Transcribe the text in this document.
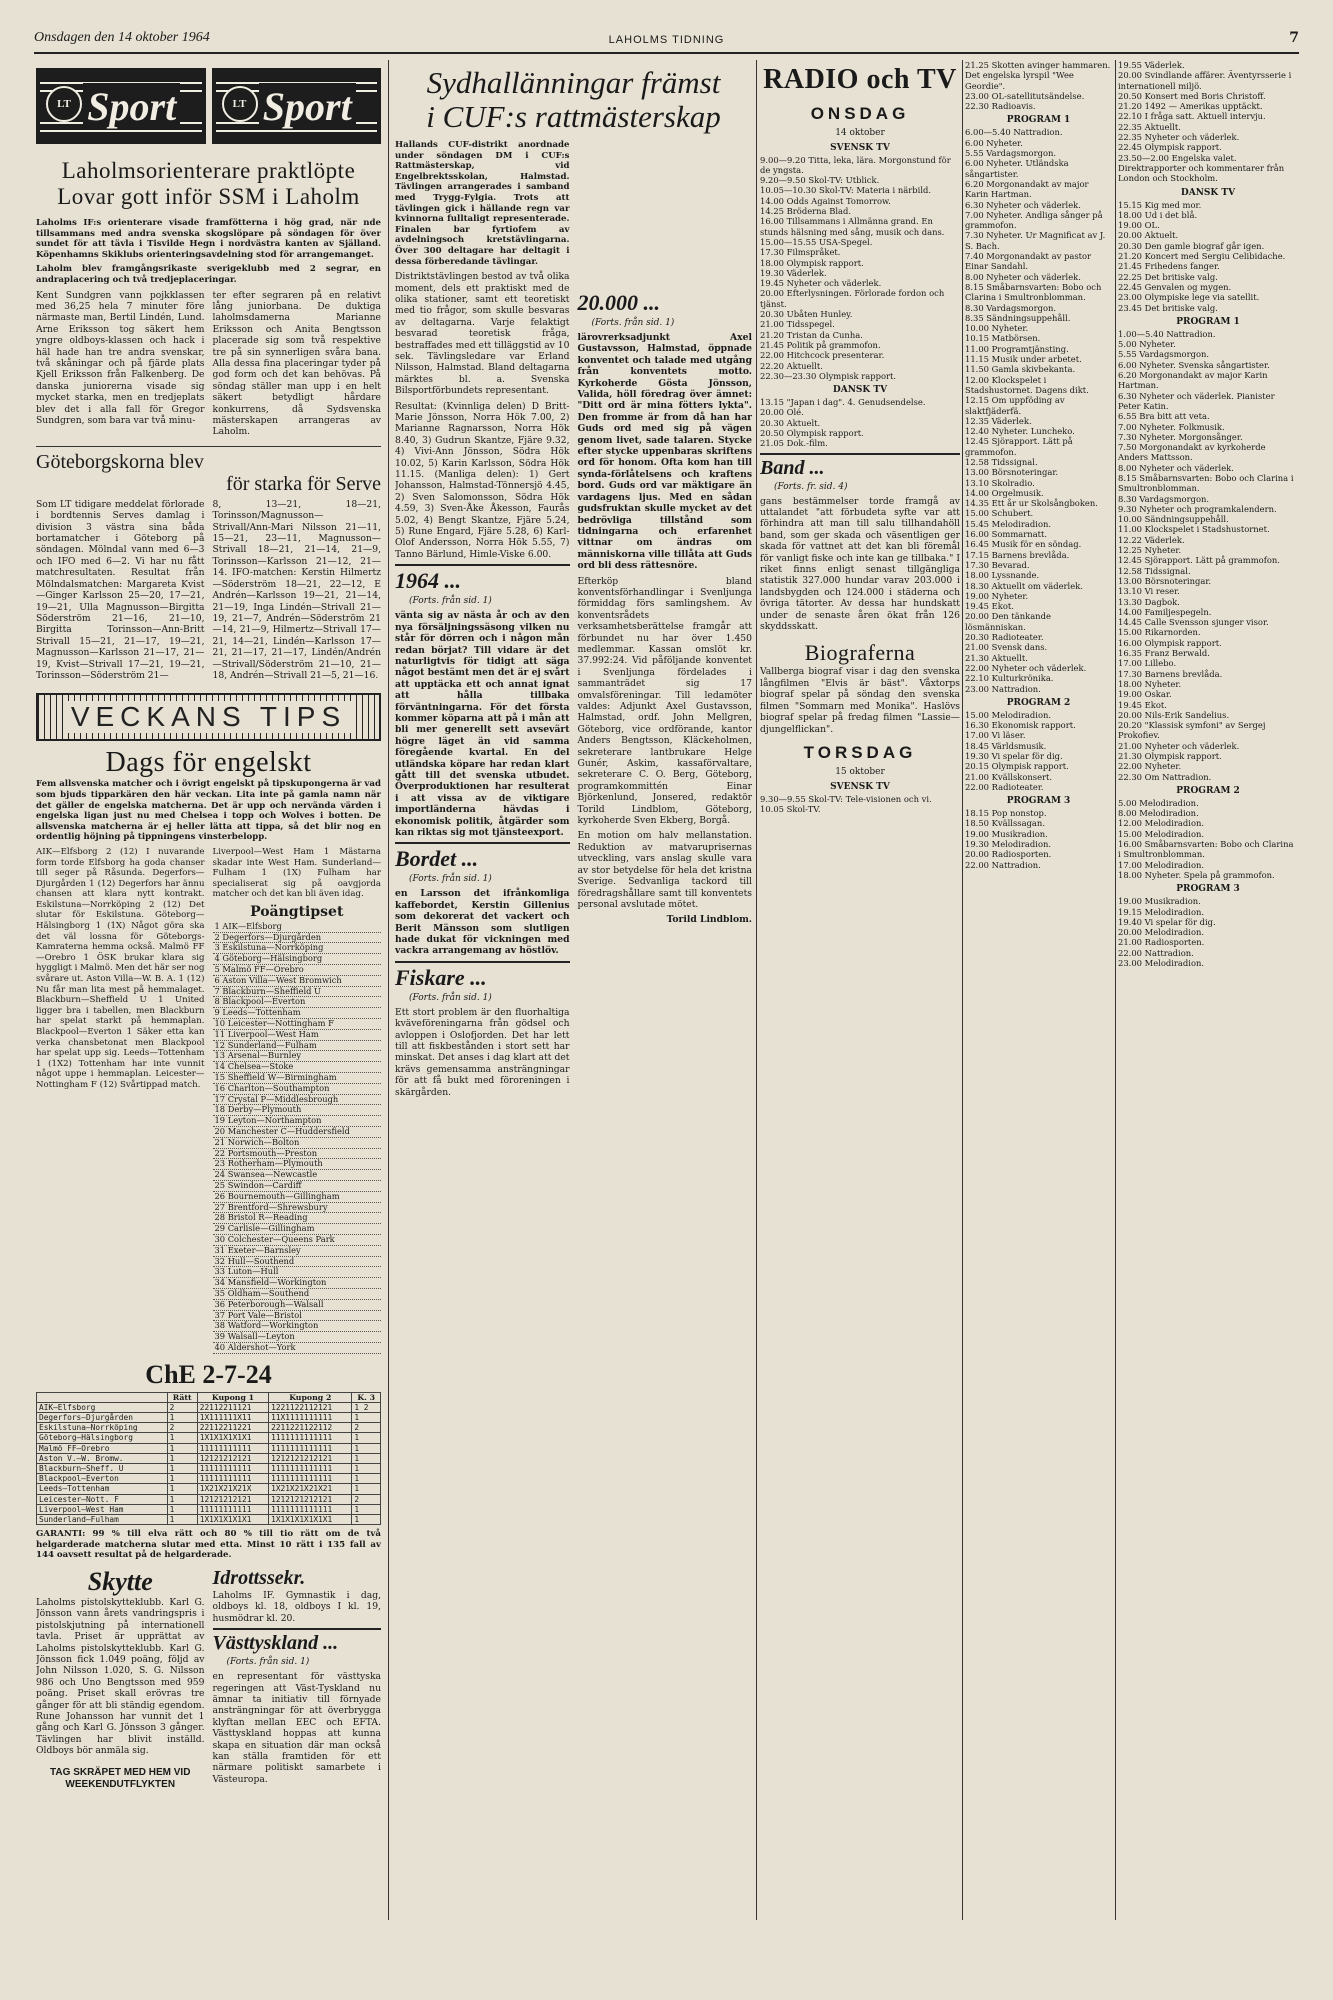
Onsdagen den 14 oktober 1964	LAHOLMS TIDNING	7
LT Sport	LT Sport
Laholmsorienterare praktlöpte
Lovar gott inför SSM i Laholm

Laholms IF:s orienterare visade framfötterna i hög grad, när nde tillsammans med andra svenska skogslöpare på söndagen för över sundet för att tävla i Tisvilde Hegn i nordvästra kanten av Själland. Köpenhamns Skiklubs orienteringsavdelning stod för arrangemanget.

Laholm blev framgångsrikaste sverigeklubb med 2 segrar, en andraplacering och två tredjeplaceringar.

Kent Sundgren vann pojkklassen med 36,25 hela 7 minuter före närmaste man, Bertil Lindén, Lund. Arne Eriksson tog säkert hem yngre oldboys-klassen och hack i häl hade han tre andra svenskar, två skåningar och på fjärde plats Kjell Eriksson från Falkenberg. De danska juniorerna visade sig mycket starka, men en tredjeplats blev det i alla fall för Gregor Sundgren, som bara var två minu-

ter efter segraren på en relativt lång juniorbana. De duktiga laholmsdamerna Marianne Eriksson och Anita Bengtsson placerade sig som två respektive tre på sin synnerligen svåra bana. Alla dessa fina placeringar tyder på god form och det kan behövas. På söndag ställer man upp i en helt säkert betydligt hårdare konkurrens, då Sydsvenska mästerskapen arrangeras av Laholm.

Göteborgskorna blev
för starka för Serve

Som LT tidigare meddelat förlorade i bordtennis Serves damlag i division 3 västra sina båda bortamatcher i Göteborg på söndagen. Mölndal vann med 6—3 och IFO med 6—2. Vi har nu fått matchresultaten. Resultat från Mölndalsmatchen: Margareta Kvist—Ginger Karlsson 25—20, 17—21, 19—21, Ulla Magnusson—Birgitta Söderström 21—16, 21—10, Birgitta Torinsson—Ann-Britt Strivall 15—21, 21—17, 19—21, Magnusson—Karlsson 21—17, 21—19, Kvist—Strivall 17—21, 19—21, Torinsson—Söderström 21—

8, 13—21, 18—21, Torinsson/Magnusson—Strivall/Ann-Mari Nilsson 21—11, 15—21, 23—11, Magnusson—Strivall 18—21, 21—14, 21—9, Torinsson—Karlsson 21—12, 21—14. IFO-matchen: Kerstin Hilmertz—Söderström 18—21, 22—12, E Andrén—Karlsson 19—21, 21—14, 21—19, Inga Lindén—Strivall 21—19, 21—7, Andrén—Söderström 21—14, 21—9, Hilmertz—Strivall 17—21, 14—21, Lindén—Karlsson 17—21, 21—17, 21—17, Lindén/Andrén—Strivall/Söderström 21—10, 21—18, Andrén—Strivall 21—5, 21—16.

VECKANS TIPS
Dags för engelskt

Fem allsvenska matcher och i övrigt engelskt på tipskupongerna är vad som bjuds tipparkären den här veckan. Lita inte på gamla namn när det gäller de engelska matcherna. Det är upp och nervända värden i engelska ligan just nu med Chelsea i topp och Wolves i botten. De allsvenska matcherna är ej heller lätta att tippa, så det blir nog en ordentlig höjning på tippningens vinsterbelopp.

AIK—Elfsborg 2 (12) I nuvarande form torde Elfsborg ha goda chanser till seger på Råsunda. Degerfors—Djurgården 1 (12) Degerfors har ännu chansen att klara nytt kontrakt. Eskilstuna—Norrköping 2 (12) Det slutar för Eskilstuna. Göteborg—Hälsingborg 1 (1X) Något göra ska det väl lossna för Göteborgs-Kamraterna hemma också. Malmö FF—Orebro 1 ÖSK brukar klara sig hyggligt i Malmö. Men det här ser nog svårare ut. Aston Villa—W. B. A. 1 (12) Nu får man lita mest på hemmalaget. Blackburn—Sheffield U 1 United ligger bra i tabellen, men Blackburn har spelat starkt på hemmaplan. Blackpool—Everton 1 Säker etta kan verka chansbetonat men Blackpool har spelat upp sig. Leeds—Tottenham 1 (1X2) Tottenham har inte vunnit något uppe i hemmaplan. Leicester—Nottingham F (12) Svårtippad match.

Liverpool—West Ham 1 Mästarna skadar inte West Ham. Sunderland—Fulham 1 (1X) Fulham har specialiserat sig på oavgjorda matcher och det kan bli även idag.

Poängtipset
1 AIK—Elfsborg
2 Degerfors—Djurgården
3 Eskilstuna—Norrköping
4 Göteborg—Hälsingborg
5 Malmö FF—Orebro
6 Aston Villa—West Bromwich
7 Blackburn—Sheffield U
8 Blackpool—Everton
9 Leeds—Tottenham
10 Leicester—Nottingham F
11 Liverpool—West Ham
12 Sunderland—Fulham
13 Arsenal—Burnley
14 Chelsea—Stoke
15 Sheffield W—Birmingham
16 Charlton—Southampton
17 Crystal P—Middlesbrough
18 Derby—Plymouth
19 Leyton—Northampton
20 Manchester C—Huddersfield
21 Norwich—Bolton
22 Portsmouth—Preston
23 Rotherham—Plymouth
24 Swansea—Newcastle
25 Swindon—Cardiff
26 Bournemouth—Gillingham
27 Brentford—Shrewsbury
28 Bristol R—Reading
29 Carlisle—Gillingham
30 Colchester—Queens Park
31 Exeter—Barnsley
32 Hull—Southend
33 Luton—Hull
34 Mansfield—Workington
35 Oldham—Southend
36 Peterborough—Walsall
37 Port Vale—Bristol
38 Watford—Workington
39 Walsall—Leyton
40 Aldershot—York
ChE 2-7-24
	Rätt	Kupong 1	Kupong 2	K. 3
AIK—Elfsborg	2	22112211121	1221122112121	1 2
Degerfors—Djurgården	1	1X111111X11	11X1111111111	1
Eskilstuna—Norrköping	2	22112211221	2211221122112	2
Göteborg—Hälsingborg	1	1X1X1X1X1X1	1111111111111	1
Malmö FF—Orebro	1	11111111111	1111111111111	1
Aston V.—W. Bromw.	1	12121212121	1212121212121	1
Blackburn—Sheff. U	1	11111111111	1111111111111	1
Blackpool—Everton	1	11111111111	1111111111111	1
Leeds—Tottenham	1	1X21X21X21X	1X21X21X21X21	1
Leicester—Nott. F	1	12121212121	1212121212121	2
Liverpool—West Ham	1	11111111111	1111111111111	1
Sunderland—Fulham	1	1X1X1X1X1X1	1X1X1X1X1X1X1	1

GARANTI: 99 % till elva rätt och 80 % till tio rätt om de två helgarderade matcherna slutar med etta. Minst 10 rätt i 135 fall av 144 oavsett resultat på de helgarderade.

Skytte

Laholms pistolskytteklubb. Karl G. Jönsson vann årets vandringspris i pistolskjutning på internationell tavla. Priset är upprättat av Laholms pistolskytteklubb. Karl G. Jönsson fick 1.049 poäng, följd av John Nilsson 1.020, S. G. Nilsson 986 och Uno Bengtsson med 959 poäng. Priset skall erövras tre gånger för att bli ständig egendom. Rune Johansson har vunnit det 1 gång och Karl G. Jönsson 3 gånger. Tävlingen har blivit inställd. Oldboys bör anmäla sig.

TAG SKRÄPET MED HEM VID WEEKENDUTFLYKTEN
Idrottssekr.

Laholms IF. Gymnastik i dag, oldboys kl. 18, oldboys I kl. 19, husmödrar kl. 20.

Västtyskland ...
(Forts. från sid. 1)

en representant för västtyska regeringen att Väst-Tyskland nu ämnar ta initiativ till förnyade ansträngningar för att överbrygga klyftan mellan EEC och EFTA. Västtyskland hoppas att kunna skapa en situation där man också kan ställa framtiden för ett närmare politiskt samarbete i Västeuropa.

Sydhallänningar främst
i CUF:s rattmästerskap

Hallands CUF-distrikt anordnade under söndagen DM i CUF:s Rattmästerskap, vid Engelbrektsskolan, Halmstad. Tävlingen arrangerades i samband med Trygg-Fylgia. Trots att tävlingen gick i hällande regn var kvinnorna fulltaligt representerade. Finalen bar fyrtiofem av avdelningsoch kretstävlingarna. Över 300 deltagare har deltagit i dessa förberedande tävlingar.

Distriktstävlingen bestod av två olika moment, dels ett praktiskt med de olika stationer, samt ett teoretiskt med tio frågor, som skulle besvaras av deltagarna. Varje felaktigt besvarad teoretisk fråga, bestraffades med ett tilläggstid av 10 sek. Tävlingsledare var Erland Nilsson, Halmstad. Bland deltagarna märktes bl. a. Svenska Bilsportförbundets representant.

Resultat: (Kvinnliga delen) D Britt-Marie Jönsson, Norra Hök 7.00, 2) Marianne Ragnarsson, Norra Hök 8.40, 3) Gudrun Skantze, Fjäre 9.32, 4) Vivi-Ann Jönsson, Södra Hök 10.02, 5) Karin Karlsson, Södra Hök 11.15. (Manliga delen): 1) Gert Johansson, Halmstad-Tönnersjö 4.45, 2) Sven Salomonsson, Södra Hök 4.59, 3) Sven-Åke Åkesson, Faurås 5.02, 4) Bengt Skantze, Fjäre 5.24, 5) Rune Engard, Fjäre 5.28, 6) Karl-Olof Andersson, Norra Hök 5.55, 7) Tanno Bärlund, Himle-Viske 6.00.

1964 ...
(Forts. från sid. 1)

vänta sig av nästa år och av den nya försäljningssäsong vilken nu står för dörren och i någon mån redan börjat? Till vidare är det naturligtvis för tidigt att säga något bestämt men det är ej svårt att upptäcka ett och annat ignat att hålla tillbaka förväntningarna. För det första kommer köparna att på i mån att bli mer generellt sett avsevärt högre läget än vid samma föregående kvartal. En del utländska köpare har redan klart gått till det svenska utbudet. Överproduktionen har resulterat i att vissa av de viktigare importländerna hävdas i ekonomisk politik, åtgärder som kan riktas sig mot tjänsteexport.

Bordet ...
(Forts. från sid. 1)

en Larsson det ifrånkomliga kaffebordet, Kerstin Gillenius som dekorerat det vackert och Berit Mänsson som slutligen hade dukat för vickningen med vackra arrangemang av höstlöv.

Fiskare ...
(Forts. från sid. 1)

Ett stort problem är den fluorhaltiga kväveföreningarna från gödsel och avloppen i Oslofjorden. Det har lett till att fiskbestånden i stort sett har minskat. Det anses i dag klart att det krävs gemensamma ansträngningar för att få bukt med föroreningen i skärgården.

20.000 ...
(Forts. från sid. 1)

lärovrerksadjunkt Axel Gustavsson, Halmstad, öppnade konventet och talade med utgång från konventets motto. Kyrkoherde Gösta Jönsson, Valida, höll föredrag över ämnet: "Ditt ord är mina fötters lykta". Den fromme är from då han har Guds ord med sig på vägen genom livet, sade talaren. Stycke efter stycke uppenbaras skriftens ord för honom. Ofta kom han till synda-förlåtelsens och kraftens bord. Guds ord var mäktigare än vardagens ljus. Med en sådan gudsfruktan skulle mycket av det bedrövliga tillstånd som tidningarna och erfarenhet vittnar om ändras om människorna ville tillåta att Guds ord bli dess rättesnöre.

Efterköp bland konventsförhandlingar i Svenljunga förmiddag förs samlingshem. Av konventsrådets verksamhetsberättelse framgår att förbundet nu har över 1.450 medlemmar. Kassan omslöt kr. 37.992:24. Vid påföljande konventet i Svenljunga fördelades i sammanträdet sig 17 omvalsföreningar. Till ledamöter valdes: Adjunkt Axel Gustavsson, Halmstad, ordf. John Mellgren, Göteborg, vice ordförande, kantor Anders Bengtsson, Kläckeholmen, sekreterare lantbrukare Helge Gunér, Askim, kassaförvaltare, sekreterare C. O. Berg, Göteborg, programkommittén Einar Björkenlund, Jonsered, redaktör Torild Lindblom, Göteborg, kyrkoherde Sven Ekberg, Borgå.

En motion om halv mellanstation. Reduktion av matvaruprisernas utveckling, vars anslag skulle vara av stor betydelse för hela det kristna Sverige. Sedvanliga tackord till föredragshållare samt till konventets personal avslutade mötet.

Torild Lindblom.

RADIO och TV
ONSDAG
14 oktober
SVENSK TV

9.00—9.20 Titta, leka, lära. Morgonstund för de yngsta.

9.20—9.50 Skol-TV: Utblick.

10.05—10.30 Skol-TV: Materia i närbild.

14.00 Odds Against Tomorrow.

14.25 Bröderna Blad.

16.00 Tillsammans i Allmänna grand. En stunds hälsning med sång, musik och dans.

15.00—15.55 USA-Spegel.

17.30 Filmspråket.

18.00 Olympisk rapport.

19.30 Väderlek.

19.45 Nyheter och väderlek.

20.00 Efterlysningen. Förlorade fordon och tjänst.

20.30 Ubåten Hunley.

21.00 Tidsspegel.

21.20 Tristan da Cunha.

21.45 Politik på grammofon.

22.00 Hitchcock presenterar.

22.20 Aktuellt.

22.30—23.30 Olympisk rapport.

DANSK TV

13.15 "Japan i dag". 4. Genudsendelse.

20.00 Olé.

20.30 Aktuelt.

20.50 Olympisk rapport.

21.05 Dok.-film.

Band ...
(Forts. fr. sid. 4)

gans bestämmelser torde framgå av uttalandet "att förbudeta syfte var att förhindra att man till salu tillhandahöll band, som ger skada och väsentligen ger skada för vattnet att det kan bli föremål för vanligt fiske och inte kan ge tillbaka." I riket finns enligt senast tillgängliga statistik 327.000 hundar varav 203.000 i landsbygden och 124.000 i städerna och övriga tätorter. Av dessa har hundskatt under de senaste åren ökat från 126 skyddsskatt.

Biograferna

Vallberga biograf visar i dag den svenska långfilmen "Elvis är bäst". Våxtorps biograf spelar på söndag den svenska filmen "Sommarn med Monika". Haslövs biograf spelar på fredag filmen "Lassie—djungelflickan".

TORSDAG
15 oktober
SVENSK TV

9.30—9.55 Skol-TV: Tele-visionen och vi.

10.05 Skol-TV.

21.25 Skotten avinger hammaren.

Det engelska lyrspil "Wee Geordie".

23.00 OL-satellitutsändelse.

22.30 Radioavis.

PROGRAM 1

6.00—5.40 Nattradion.

6.00 Nyheter.

5.55 Vardagsmorgon.

6.00 Nyheter. Utländska sångartister.

6.20 Morgonandakt av major Karin Hartman.

6.30 Nyheter och väderlek.

7.00 Nyheter. Andliga sånger på grammofon.

7.30 Nyheter. Ur Magnificat av J. S. Bach.

7.40 Morgonandakt av pastor Einar Sandahl.

8.00 Nyheter och väderlek.

8.15 Småbarnsvarten: Bobo och Clarina i Smultronblomman.

8.30 Vardagsmorgon.

8.35 Sändningsuppehåll.

10.00 Nyheter.

10.15 Matbörsen.

11.00 Programtjänsting.

11.15 Musik under arbetet.

11.50 Gamla skivbekanta.

12.00 Klockspelet i Stadshustornet. Dagens dikt.

12.15 Om uppföding av slaktfjäderfä.

12.35 Väderlek.

12.40 Nyheter. Luncheko.

12.45 Sjörapport. Lätt på grammofon.

12.58 Tidssignal.

13.00 Börsnoteringar.

13.10 Skolradio.

14.00 Orgelmusik.

14.35 Ett år ur Skolsångboken.

15.00 Schubert.

15.45 Melodiradion.

16.00 Sommarnatt.

16.45 Musik för en söndag.

17.15 Barnens brevlåda.

17.30 Bevarad.

18.00 Lyssnande.

18.30 Aktuellt om väderlek.

19.00 Nyheter.

19.45 Ekot.

20.00 Den tänkande lösmänniskan.

20.30 Radioteater.

21.00 Svensk dans.

21.30 Aktuellt.

22.00 Nyheter och väderlek.

22.10 Kulturkrönika.

23.00 Nattradion.

PROGRAM 2

15.00 Melodiradion.

16.30 Ekonomisk rapport.

17.00 Vi läser.

18.45 Världsmusik.

19.30 Vi spelar för dig.

20.15 Olympisk rapport.

21.00 Kvällskonsert.

22.00 Radioteater.

PROGRAM 3

18.15 Pop nonstop.

18.50 Kvällssagan.

19.00 Musikradion.

19.30 Melodiradion.

20.00 Radiosporten.

22.00 Nattradion.

19.55 Väderlek.

20.00 Svindlande affärer. Äventyrsserie i internationell miljö.

20.50 Konsert med Boris Christoff.

21.20 1492 — Amerikas upptäckt.

22.10 I fråga satt. Aktuell intervju.

22.35 Aktuellt.

22.35 Nyheter och väderlek.

22.45 Olympisk rapport.

23.50—2.00 Engelska valet. Direktrapporter och kommentarer från London och Stockholm.

DANSK TV

15.15 Kig med mor.

18.00 Ud i det blå.

19.00 OL.

20.00 Aktuelt.

20.30 Den gamle biograf går igen.

21.20 Koncert med Sergiu Celibidache.

21.45 Frihedens fanger.

22.25 Det britiske valg.

22.45 Genvalen og mygen.

23.00 Olympiske lege via satellit.

23.45 Det britiske valg.

PROGRAM 1

1.00—5.40 Nattradion.

5.00 Nyheter.

5.55 Vardagsmorgon.

6.00 Nyheter. Svenska sångartister.

6.20 Morgonandakt av major Karin Hartman.

6.30 Nyheter och väderlek. Pianister Peter Katin.

6.55 Bra bitt att veta.

7.00 Nyheter. Folkmusik.

7.30 Nyheter. Morgonsånger.

7.50 Morgonandakt av kyrkoherde Anders Mattsson.

8.00 Nyheter och väderlek.

8.15 Småbarnsvarten: Bobo och Clarina i Smultronblomman.

8.30 Vardagsmorgon.

9.30 Nyheter och programkalendern.

10.00 Sändningsuppehåll.

11.00 Klockspelet i Stadshustornet.

12.22 Väderlek.

12.25 Nyheter.

12.45 Sjörapport. Lätt på grammofon.

12.58 Tidssignal.

13.00 Börsnoteringar.

13.10 Vi reser.

13.30 Dagbok.

14.00 Familjespegeln.

14.45 Calle Svensson sjunger visor.

15.00 Rikarnorden.

16.00 Olympisk rapport.

16.35 Franz Berwald.

17.00 Lillebo.

17.30 Barnens brevlåda.

18.00 Nyheter.

19.00 Oskar.

19.45 Ekot.

20.00 Nils-Erik Sandelius.

20.20 "Klassisk symfoni" av Sergej Prokofiev.

21.00 Nyheter och väderlek.

21.30 Olympisk rapport.

22.00 Nyheter.

22.30 Om Nattradion.

PROGRAM 2

5.00 Melodiradion.

8.00 Melodiradion.

12.00 Melodiradion.

15.00 Melodiradion.

16.00 Småbarnsvarten: Bobo och Clarina i Smultronblomman.

17.00 Melodiradion.

18.00 Nyheter. Spela på grammofon.

PROGRAM 3

19.00 Musikradion.

19.15 Melodiradion.

19.40 Vi spelar för dig.

20.00 Melodiradion.

21.00 Radiosporten.

22.00 Nattradion.

23.00 Melodiradion.
